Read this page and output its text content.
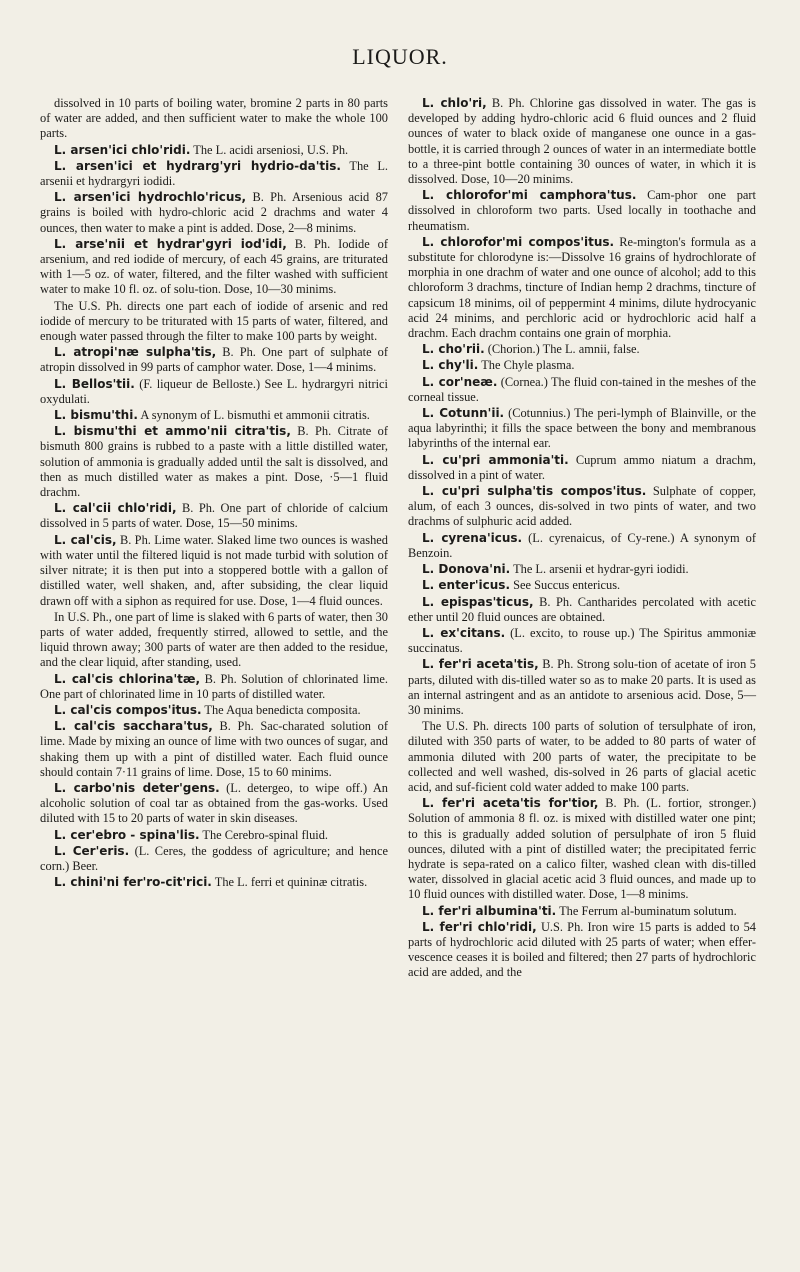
LIQUOR.

dissolved in 10 parts of boiling water, bromine 2 parts in 80 parts of water are added, and then sufficient water to make the whole 100 parts.

L. arsen'ici chlo'ridi. The L. acidi arseniosi, U.S. Ph.

L. arsen'ici et hydrarg'yri hydrio-da'tis. The L. arsenii et hydrargyri iodidi.

L. arsen'ici hydrochlo'ricus, B. Ph. Arsenious acid 87 grains is boiled with hydro-chloric acid 2 drachms and water 4 ounces, then water to make a pint is added. Dose, 2—8 minims.

L. arse'nii et hydrar'gyri iod'idi, B. Ph. Iodide of arsenium, and red iodide of mercury, of each 45 grains, are triturated with 1—5 oz. of water, filtered, and the filter washed with sufficient water to make 10 fl. oz. of solu-tion. Dose, 10—30 minims.

The U.S. Ph. directs one part each of iodide of arsenic and red iodide of mercury to be triturated with 15 parts of water, filtered, and enough water passed through the filter to make 100 parts by weight.

L. atropi'næ sulpha'tis, B. Ph. One part of sulphate of atropin dissolved in 99 parts of camphor water. Dose, 1—4 minims.

L. Bellos'tii. (F. liqueur de Belloste.) See L. hydrargyri nitrici oxydulati.

L. bismu'thi. A synonym of L. bismuthi et ammonii citratis.

L. bismu'thi et ammo'nii citra'tis, B. Ph. Citrate of bismuth 800 grains is rubbed to a paste with a little distilled water, solution of ammonia is gradually added until the salt is dissolved, and then as much distilled water as makes a pint. Dose, ·5—1 fluid drachm.

L. cal'cii chlo'ridi, B. Ph. One part of chloride of calcium dissolved in 5 parts of water. Dose, 15—50 minims.

L. cal'cis, B. Ph. Lime water. Slaked lime two ounces is washed with water until the filtered liquid is not made turbid with solution of silver nitrate; it is then put into a stoppered bottle with a gallon of distilled water, well shaken, and, after subsiding, the clear liquid drawn off with a siphon as required for use. Dose, 1—4 fluid ounces.

In U.S. Ph., one part of lime is slaked with 6 parts of water, then 30 parts of water added, frequently stirred, allowed to settle, and the liquid thrown away; 300 parts of water are then added to the residue, and the clear liquid, after standing, used.

L. cal'cis chlorina'tæ, B. Ph. Solution of chlorinated lime. One part of chlorinated lime in 10 parts of distilled water.

L. cal'cis compos'itus. The Aqua benedicta composita.

L. cal'cis sacchara'tus, B. Ph. Sac-charated solution of lime. Made by mixing an ounce of lime with two ounces of sugar, and shaking them up with a pint of distilled water. Each fluid ounce should contain 7·11 grains of lime. Dose, 15 to 60 minims.

L. carbo'nis deter'gens. (L. detergeo, to wipe off.) An alcoholic solution of coal tar as obtained from the gas-works. Used diluted with 15 to 20 parts of water in skin diseases.

L. cer'ebro - spina'lis. The Cerebro-spinal fluid.

L. Cer'eris. (L. Ceres, the goddess of agriculture; and hence corn.) Beer.

L. chini'ni fer'ro-cit'rici. The L. ferri et quininæ citratis.

L. chlo'ri, B. Ph. Chlorine gas dissolved in water. The gas is developed by adding hydro-chloric acid 6 fluid ounces and 2 fluid ounces of water to black oxide of manganese one ounce in a gas-bottle, it is carried through 2 ounces of water in an intermediate bottle to a three-pint bottle containing 30 ounces of water, in which it is dissolved. Dose, 10—20 minims.

L. chlorofor'mi camphora'tus. Cam-phor one part dissolved in chloroform two parts. Used locally in toothache and rheumatism.

L. chlorofor'mi compos'itus. Re-mington's formula as a substitute for chlorodyne is:—Dissolve 16 grains of hydrochlorate of morphia in one drachm of water and one ounce of alcohol; add to this chloroform 3 drachms, tincture of Indian hemp 2 drachms, tincture of capsicum 18 minims, oil of peppermint 4 minims, dilute hydrocyanic acid 24 minims, and perchloric acid or hydrochloric acid half a drachm. Each drachm contains one grain of morphia.

L. cho'rii. (Chorion.) The L. amnii, false.

L. chy'li. The Chyle plasma.

L. cor'neæ. (Cornea.) The fluid con-tained in the meshes of the corneal tissue.

L. Cotunn'ii. (Cotunnius.) The peri-lymph of Blainville, or the aqua labyrinthi; it fills the space between the bony and membranous labyrinths of the internal ear.

L. cu'pri ammonia'ti. Cuprum ammo niatum a drachm, dissolved in a pint of water.

L. cu'pri sulpha'tis compos'itus. Sulphate of copper, alum, of each 3 ounces, dis-solved in two pints of water, and two drachms of sulphuric acid added.

L. cyrena'icus. (L. cyrenaicus, of Cy-rene.) A synonym of Benzoin.

L. Donova'ni. The L. arsenii et hydrar-gyri iodidi.

L. enter'icus. See Succus entericus.

L. epispas'ticus, B. Ph. Cantharides percolated with acetic ether until 20 fluid ounces are obtained.

L. ex'citans. (L. excito, to rouse up.) The Spiritus ammoniæ succinatus.

L. fer'ri aceta'tis, B. Ph. Strong solu-tion of acetate of iron 5 parts, diluted with dis-tilled water so as to make 20 parts. It is used as an internal astringent and as an antidote to arsenious acid. Dose, 5—30 minims.

The U.S. Ph. directs 100 parts of solution of tersulphate of iron, diluted with 350 parts of water, to be added to 80 parts of water of ammonia diluted with 200 parts of water, the precipitate to be collected and well washed, dis-solved in 26 parts of glacial acetic acid, and suf-ficient cold water added to make 100 parts.

L. fer'ri aceta'tis for'tior, B. Ph. (L. fortior, stronger.) Solution of ammonia 8 fl. oz. is mixed with distilled water one pint; to this is gradually added solution of persulphate of iron 5 fluid ounces, diluted with a pint of distilled water; the precipitated ferric hydrate is sepa-rated on a calico filter, washed clean with dis-tilled water, dissolved in glacial acetic acid 3 fluid ounces, and made up to 10 fluid ounces with distilled water. Dose, 1—8 minims.

L. fer'ri albumina'ti. The Ferrum al-buminatum solutum.

L. fer'ri chlo'ridi, U.S. Ph. Iron wire 15 parts is added to 54 parts of hydrochloric acid diluted with 25 parts of water; when effer-vescence ceases it is boiled and filtered; then 27 parts of hydrochloric acid are added, and the
